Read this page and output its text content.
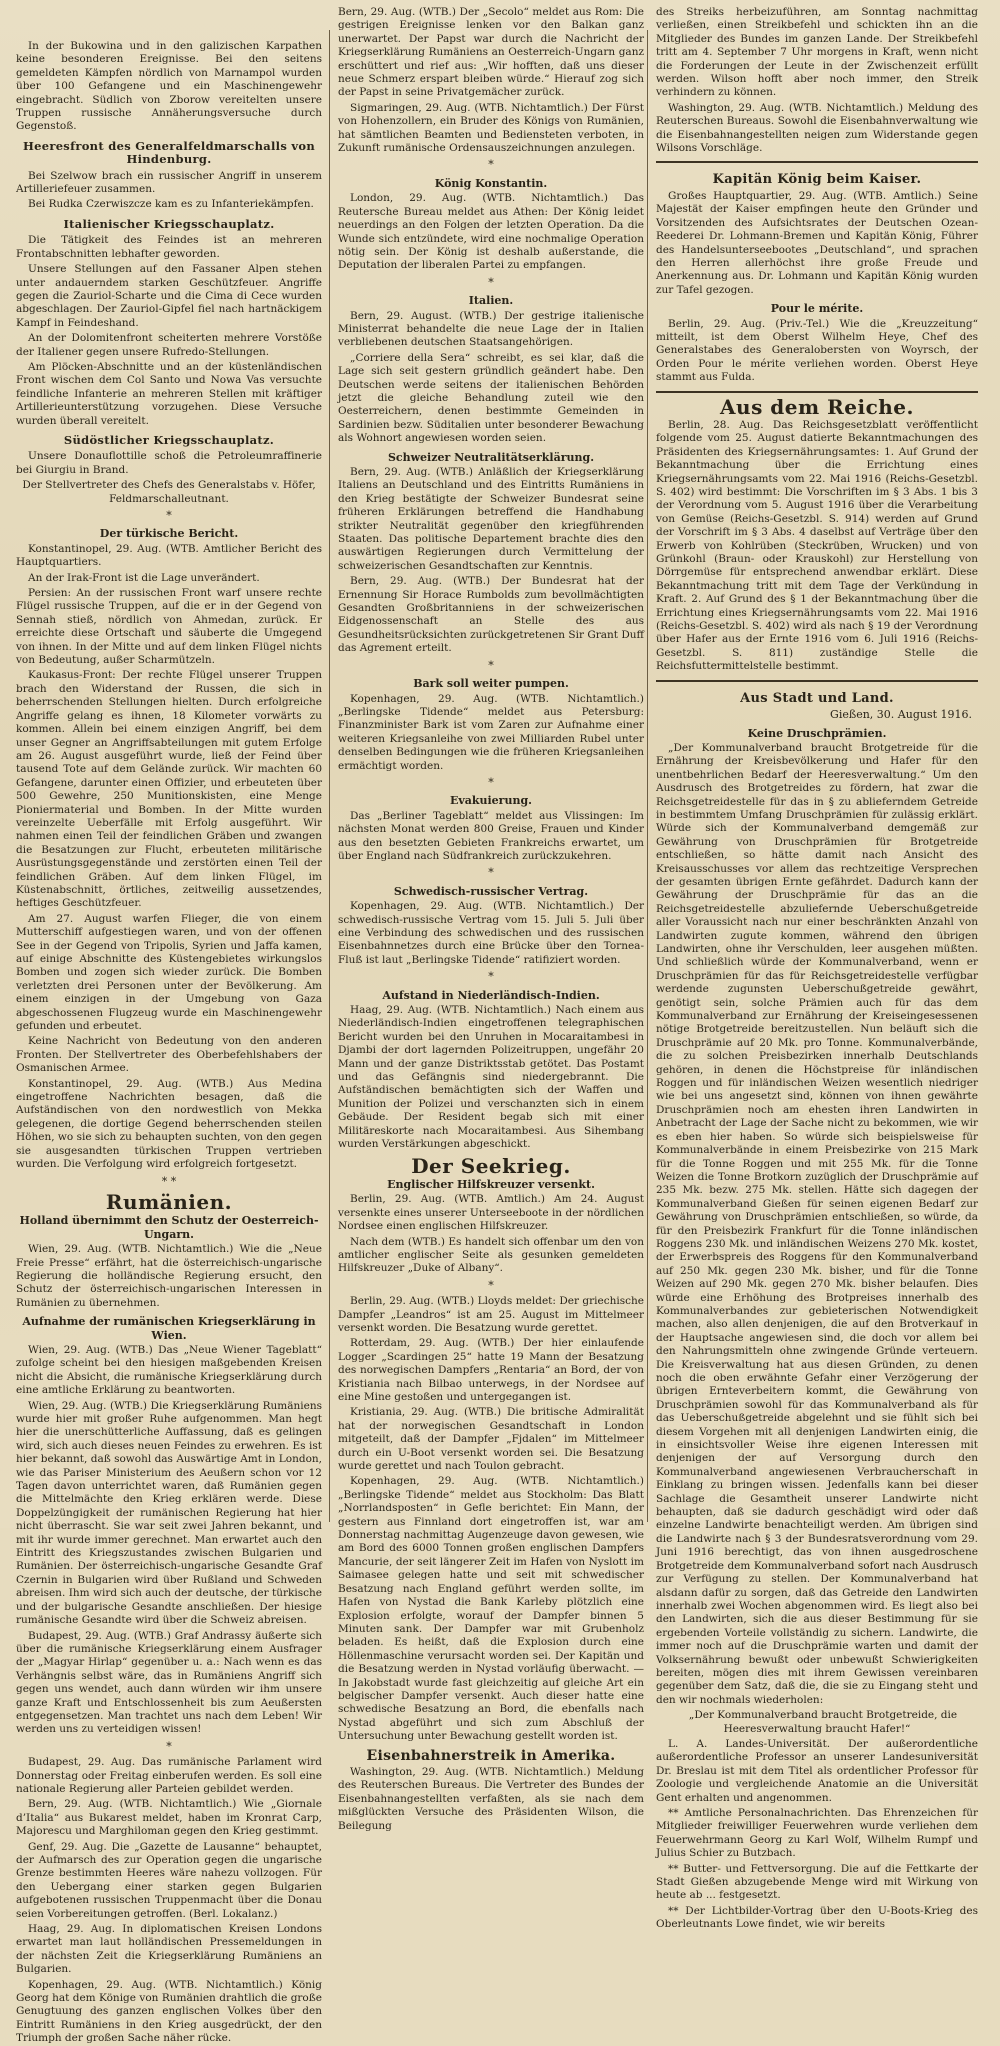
In der Bukowina und in den galizischen Karpathen keine besonderen Ereignisse. Bei den seitens gemeldeten Kämpfen nördlich von Marnampol wurden über 100 Gefangene und ein Maschinengewehr eingebracht. Südlich von Zborow vereitelten unsere Truppen russische Annäherungsversuche durch Gegenstoß.

Heeresfront des Generalfeldmarschalls von Hindenburg.

Bei Szelwow brach ein russischer Angriff in unserem Artilleriefeuer zusammen.

Bei Rudka Czerwiszcze kam es zu Infanteriekämpfen.

Italienischer Kriegsschauplatz.

Die Tätigkeit des Feindes ist an mehreren Frontabschnitten lebhafter geworden.

Unsere Stellungen auf den Fassaner Alpen stehen unter andauerndem starken Geschützfeuer. Angriffe gegen die Zauriol-Scharte und die Cima di Cece wurden abgeschlagen. Der Zauriol-Gipfel fiel nach hartnäckigem Kampf in Feindeshand.

An der Dolomitenfront scheiterten mehrere Vorstöße der Italiener gegen unsere Rufredo-Stellungen.

Am Plöcken-Abschnitte und an der küstenländischen Front wischen dem Col Santo und Nowa Vas versuchte feindliche Infanterie an mehreren Stellen mit kräftiger Artillerieunterstützung vorzugehen. Diese Versuche wurden überall vereitelt.

Südöstlicher Kriegsschauplatz.

Unsere Donauflottille schoß die Petroleumraffinerie bei Giurgiu in Brand.

Der Stellvertreter des Chefs des Generalstabs v. Höfer, Feldmarschalleutnant.

*
Der türkische Bericht.

Konstantinopel, 29. Aug. (WTB. Amtlicher Bericht des Hauptquartiers.

An der Irak-Front ist die Lage unverändert.

Persien: An der russischen Front warf unsere rechte Flügel russische Truppen, auf die er in der Gegend von Sennah stieß, nördlich von Ahmedan, zurück. Er erreichte diese Ortschaft und säuberte die Umgegend von ihnen. In der Mitte und auf dem linken Flügel nichts von Bedeutung, außer Scharmützeln.

Kaukasus-Front: Der rechte Flügel unserer Truppen brach den Widerstand der Russen, die sich in beherrschenden Stellungen hielten. Durch erfolgreiche Angriffe gelang es ihnen, 18 Kilometer vorwärts zu kommen. Allein bei einem einzigen Angriff, bei dem unser Gegner an Angriffsabteilungen mit gutem Erfolge am 26. August ausgeführt wurde, ließ der Feind über tausend Tote auf dem Gelände zurück. Wir machten 60 Gefangene, darunter einen Offizier, und erbeuteten über 500 Gewehre, 250 Munitionskisten, eine Menge Pioniermaterial und Bomben. In der Mitte wurden vereinzelte Ueberfälle mit Erfolg ausgeführt. Wir nahmen einen Teil der feindlichen Gräben und zwangen die Besatzungen zur Flucht, erbeuteten militärische Ausrüstungsgegenstände und zerstörten einen Teil der feindlichen Gräben. Auf dem linken Flügel, im Küstenabschnitt, örtliches, zeitweilig aussetzendes, heftiges Geschützfeuer.

Am 27. August warfen Flieger, die von einem Mutterschiff aufgestiegen waren, und von der offenen See in der Gegend von Tripolis, Syrien und Jaffa kamen, auf einige Abschnitte des Küstengebietes wirkungslos Bomben und zogen sich wieder zurück. Die Bomben verletzten drei Personen unter der Bevölkerung. Am einem einzigen in der Umgebung von Gaza abgeschossenen Flugzeug wurde ein Maschinengewehr gefunden und erbeutet.

Keine Nachricht von Bedeutung von den anderen Fronten. Der Stellvertreter des Oberbefehlshabers der Osmanischen Armee.

Konstantinopel, 29. Aug. (WTB.) Aus Medina eingetroffene Nachrichten besagen, daß die Aufständischen von den nordwestlich von Mekka gelegenen, die dortige Gegend beherrschenden steilen Höhen, wo sie sich zu behaupten suchten, von den gegen sie ausgesandten türkischen Truppen vertrieben wurden. Die Verfolgung wird erfolgreich fortgesetzt.

* *
Rumänien.
Holland übernimmt den Schutz der Oesterreich-Ungarn.

Wien, 29. Aug. (WTB. Nichtamtlich.) Wie die „Neue Freie Presse“ erfährt, hat die österreichisch-ungarische Regierung die holländische Regierung ersucht, den Schutz der österreichisch-ungarischen Interessen in Rumänien zu übernehmen.

Aufnahme der rumänischen Kriegserklärung in Wien.

Wien, 29. Aug. (WTB.) Das „Neue Wiener Tageblatt“ zufolge scheint bei den hiesigen maßgebenden Kreisen nicht die Absicht, die rumänische Kriegserklärung durch eine amtliche Erklärung zu beantworten.

Wien, 29. Aug. (WTB.) Die Kriegserklärung Rumäniens wurde hier mit großer Ruhe aufgenommen. Man hegt hier die unerschütterliche Auffassung, daß es gelingen wird, sich auch dieses neuen Feindes zu erwehren. Es ist hier bekannt, daß sowohl das Auswärtige Amt in London, wie das Pariser Ministerium des Aeußern schon vor 12 Tagen davon unterrichtet waren, daß Rumänien gegen die Mittelmächte den Krieg erklären werde. Diese Doppelzüngigkeit der rumänischen Regierung hat hier nicht überrascht. Sie war seit zwei Jahren bekannt, und mit ihr wurde immer gerechnet. Man erwartet auch den Eintritt des Kriegszustandes zwischen Bulgarien und Rumänien. Der österreichisch-ungarische Gesandte Graf Czernin in Bulgarien wird über Rußland und Schweden abreisen. Ihm wird sich auch der deutsche, der türkische und der bulgarische Gesandte anschließen. Der hiesige rumänische Gesandte wird über die Schweiz abreisen.

Budapest, 29. Aug. (WTB.) Graf Andrassy äußerte sich über die rumänische Kriegserklärung einem Ausfrager der „Magyar Hirlap“ gegenüber u. a.: Nach wenn es das Verhängnis selbst wäre, das in Rumäniens Angriff sich gegen uns wendet, auch dann würden wir ihm unsere ganze Kraft und Entschlossenheit bis zum Aeußersten entgegensetzen. Man trachtet uns nach dem Leben! Wir werden uns zu verteidigen wissen!

*

Budapest, 29. Aug. Das rumänische Parlament wird Donnerstag oder Freitag einberufen werden. Es soll eine nationale Regierung aller Parteien gebildet werden.

Bern, 29. Aug. (WTB. Nichtamtlich.) Wie „Giornale d’Italia“ aus Bukarest meldet, haben im Kronrat Carp, Majorescu und Marghiloman gegen den Krieg gestimmt.

Genf, 29. Aug. Die „Gazette de Lausanne“ behauptet, der Aufmarsch des zur Operation gegen die ungarische Grenze bestimmten Heeres wäre nahezu vollzogen. Für den Uebergang einer starken gegen Bulgarien aufgebotenen russischen Truppenmacht über die Donau seien Vorbereitungen getroffen. (Berl. Lokalanz.)

Haag, 29. Aug. In diplomatischen Kreisen Londons erwartet man laut holländischen Pressemeldungen in der nächsten Zeit die Kriegserklärung Rumäniens an Bulgarien.

Kopenhagen, 29. Aug. (WTB. Nichtamtlich.) König Georg hat dem Könige von Rumänien drahtlich die große Genugtuung des ganzen englischen Volkes über den Eintritt Rumäniens in den Krieg ausgedrückt, der den Triumph der großen Sache näher rücke.

Bern, 29. Aug. (WTB.) Der „Secolo“ meldet aus Rom: Die gestrigen Ereignisse lenken vor den Balkan ganz unerwartet. Der Papst war durch die Nachricht der Kriegserklärung Rumäniens an Oesterreich-Ungarn ganz erschüttert und rief aus: „Wir hofften, daß uns dieser neue Schmerz erspart bleiben würde.“ Hierauf zog sich der Papst in seine Privatgemächer zurück.

Sigmaringen, 29. Aug. (WTB. Nichtamtlich.) Der Fürst von Hohenzollern, ein Bruder des Königs von Rumänien, hat sämtlichen Beamten und Bediensteten verboten, in Zukunft rumänische Ordensauszeichnungen anzulegen.

*
König Konstantin.

London, 29. Aug. (WTB. Nichtamtlich.) Das Reutersche Bureau meldet aus Athen: Der König leidet neuerdings an den Folgen der letzten Operation. Da die Wunde sich entzündete, wird eine nochmalige Operation nötig sein. Der König ist deshalb außerstande, die Deputation der liberalen Partei zu empfangen.

*
Italien.

Bern, 29. August. (WTB.) Der gestrige italienische Ministerrat behandelte die neue Lage der in Italien verbliebenen deutschen Staatsangehörigen.

„Corriere della Sera“ schreibt, es sei klar, daß die Lage sich seit gestern gründlich geändert habe. Den Deutschen werde seitens der italienischen Behörden jetzt die gleiche Behandlung zuteil wie den Oesterreichern, denen bestimmte Gemeinden in Sardinien bezw. Süditalien unter besonderer Bewachung als Wohnort angewiesen worden seien.

Schweizer Neutralitätserklärung.

Bern, 29. Aug. (WTB.) Anläßlich der Kriegserklärung Italiens an Deutschland und des Eintritts Rumäniens in den Krieg bestätigte der Schweizer Bundesrat seine früheren Erklärungen betreffend die Handhabung strikter Neutralität gegenüber den kriegführenden Staaten. Das politische Departement brachte dies den auswärtigen Regierungen durch Vermittelung der schweizerischen Gesandtschaften zur Kenntnis.

Bern, 29. Aug. (WTB.) Der Bundesrat hat der Ernennung Sir Horace Rumbolds zum bevollmächtigten Gesandten Großbritanniens in der schweizerischen Eidgenossenschaft an Stelle des aus Gesundheitsrücksichten zurückgetretenen Sir Grant Duff das Agrement erteilt.

*
Bark soll weiter pumpen.

Kopenhagen, 29. Aug. (WTB. Nichtamtlich.) „Berlingske Tidende“ meldet aus Petersburg: Finanzminister Bark ist vom Zaren zur Aufnahme einer weiteren Kriegsanleihe von zwei Milliarden Rubel unter denselben Bedingungen wie die früheren Kriegsanleihen ermächtigt worden.

*
Evakuierung.

Das „Berliner Tageblatt“ meldet aus Vlissingen: Im nächsten Monat werden 800 Greise, Frauen und Kinder aus den besetzten Gebieten Frankreichs erwartet, um über England nach Südfrankreich zurückzukehren.

*
Schwedisch-russischer Vertrag.

Kopenhagen, 29. Aug. (WTB. Nichtamtlich.) Der schwedisch-russische Vertrag vom 15. Juli 5. Juli über eine Verbindung des schwedischen und des russischen Eisenbahnnetzes durch eine Brücke über den Tornea-Fluß ist laut „Berlingske Tidende“ ratifiziert worden.

*
Aufstand in Niederländisch-Indien.

Haag, 29. Aug. (WTB. Nichtamtlich.) Nach einem aus Niederländisch-Indien eingetroffenen telegraphischen Bericht wurden bei den Unruhen in Mocaraitambesi in Djambi der dort lagernden Polizeitruppen, ungefähr 20 Mann und der ganze Distriktsstab getötet. Das Postamt und das Gefängnis sind niedergebrannt. Die Aufständischen bemächtigten sich der Waffen und Munition der Polizei und verschanzten sich in einem Gebäude. Der Resident begab sich mit einer Militäreskorte nach Mocaraitambesi. Aus Sihembang wurden Verstärkungen abgeschickt.

Der Seekrieg.
Englischer Hilfskreuzer versenkt.

Berlin, 29. Aug. (WTB. Amtlich.) Am 24. August versenkte eines unserer Unterseeboote in der nördlichen Nordsee einen englischen Hilfskreuzer.

Nach dem (WTB.) Es handelt sich offenbar um den von amtlicher englischer Seite als gesunken gemeldeten Hilfskreuzer „Duke of Albany“.

*

Berlin, 29. Aug. (WTB.) Lloyds meldet: Der griechische Dampfer „Leandros“ ist am 25. August im Mittelmeer versenkt worden. Die Besatzung wurde gerettet.

Rotterdam, 29. Aug. (WTB.) Der hier einlaufende Logger „Scardingen 25“ hatte 19 Mann der Besatzung des norwegischen Dampfers „Rentaria“ an Bord, der von Kristiania nach Bilbao unterwegs, in der Nordsee auf eine Mine gestoßen und untergegangen ist.

Kristiania, 29. Aug. (WTB.) Die britische Admiralität hat der norwegischen Gesandtschaft in London mitgeteilt, daß der Dampfer „Fjdalen“ im Mittelmeer durch ein U-Boot versenkt worden sei. Die Besatzung wurde gerettet und nach Toulon gebracht.

Kopenhagen, 29. Aug. (WTB. Nichtamtlich.) „Berlingske Tidende“ meldet aus Stockholm: Das Blatt „Norrlandsposten“ in Gefle berichtet: Ein Mann, der gestern aus Finnland dort eingetroffen ist, war am Donnerstag nachmittag Augenzeuge davon gewesen, wie am Bord des 6000 Tonnen großen englischen Dampfers Mancurie, der seit längerer Zeit im Hafen von Nyslott im Saimasee gelegen hatte und seit mit schwedischer Besatzung nach England geführt werden sollte, im Hafen von Nystad die Bank Karleby plötzlich eine Explosion erfolgte, worauf der Dampfer binnen 5 Minuten sank. Der Dampfer war mit Grubenholz beladen. Es heißt, daß die Explosion durch eine Höllenmaschine verursacht worden sei. Der Kapitän und die Besatzung werden in Nystad vorläufig überwacht. — In Jakobstadt wurde fast gleichzeitig auf gleiche Art ein belgischer Dampfer versenkt. Auch dieser hatte eine schwedische Besatzung an Bord, die ebenfalls nach Nystad abgeführt und sich zum Abschluß der Untersuchung unter Bewachung gestellt worden ist.

Eisenbahnerstreik in Amerika.

Washington, 29. Aug. (WTB. Nichtamtlich.) Meldung des Reuterschen Bureaus. Die Vertreter des Bundes der Eisenbahnangestellten verfaßten, als sie nach dem mißglückten Versuche des Präsidenten Wilson, die Beilegung

des Streiks herbeizuführen, am Sonntag nachmittag verließen, einen Streikbefehl und schickten ihn an die Mitglieder des Bundes im ganzen Lande. Der Streikbefehl tritt am 4. September 7 Uhr morgens in Kraft, wenn nicht die Forderungen der Leute in der Zwischenzeit erfüllt werden. Wilson hofft aber noch immer, den Streik verhindern zu können.

Washington, 29. Aug. (WTB. Nichtamtlich.) Meldung des Reuterschen Bureaus. Sowohl die Eisenbahnverwaltung wie die Eisenbahnangestellten neigen zum Widerstande gegen Wilsons Vorschläge.

Kapitän König beim Kaiser.

Großes Hauptquartier, 29. Aug. (WTB. Amtlich.) Seine Majestät der Kaiser empfingen heute den Gründer und Vorsitzenden des Aufsichtsrates der Deutschen Ozean-Reederei Dr. Lohmann-Bremen und Kapitän König, Führer des Handelsunterseebootes „Deutschland“, und sprachen den Herren allerhöchst ihre große Freude und Anerkennung aus. Dr. Lohmann und Kapitän König wurden zur Tafel gezogen.

Pour le mérite.

Berlin, 29. Aug. (Priv.-Tel.) Wie die „Kreuzzeitung“ mitteilt, ist dem Oberst Wilhelm Heye, Chef des Generalstabes des Generalobersten von Woyrsch, der Orden Pour le mérite verliehen worden. Oberst Heye stammt aus Fulda.

Aus dem Reiche.

Berlin, 28. Aug. Das Reichsgesetzblatt veröffentlicht folgende vom 25. August datierte Bekanntmachungen des Präsidenten des Kriegsernährungsamtes: 1. Auf Grund der Bekanntmachung über die Errichtung eines Kriegsernährungsamts vom 22. Mai 1916 (Reichs-Gesetzbl. S. 402) wird bestimmt: Die Vorschriften im § 3 Abs. 1 bis 3 der Verordnung vom 5. August 1916 über die Verarbeitung von Gemüse (Reichs-Gesetzbl. S. 914) werden auf Grund der Vorschrift im § 3 Abs. 4 daselbst auf Verträge über den Erwerb von Kohlrüben (Steckrüben, Wrucken) und von Grünkohl (Braun- oder Krauskohl) zur Herstellung von Dörrgemüse für entsprechend anwendbar erklärt. Diese Bekanntmachung tritt mit dem Tage der Verkündung in Kraft. 2. Auf Grund des § 1 der Bekanntmachung über die Errichtung eines Kriegsernährungsamts vom 22. Mai 1916 (Reichs-Gesetzbl. S. 402) wird als nach § 19 der Verordnung über Hafer aus der Ernte 1916 vom 6. Juli 1916 (Reichs-Gesetzbl. S. 811) zuständige Stelle die Reichsfuttermittelstelle bestimmt.

Aus Stadt und Land.
Gießen, 30. August 1916.
Keine Druschprämien.

„Der Kommunalverband braucht Brotgetreide für die Ernährung der Kreisbevölkerung und Hafer für den unentbehrlichen Bedarf der Heeresverwaltung.“ Um den Ausdrusch des Brotgetreides zu fördern, hat zwar die Reichsgetreidestelle für das in § zu ablieferndem Getreide in bestimmtem Umfang Druschprämien für zulässig erklärt. Würde sich der Kommunalverband demgemäß zur Gewährung von Druschprämien für Brotgetreide entschließen, so hätte damit nach Ansicht des Kreisausschusses vor allem das rechtzeitige Versprechen der gesamten übrigen Ernte gefährdet. Dadurch kann der Gewährung der Druschprämie für das an die Reichsgetreidestelle abzuliefernde Ueberschußgetreide aller Voraussicht nach nur einer beschränkten Anzahl von Landwirten zugute kommen, während den übrigen Landwirten, ohne ihr Verschulden, leer ausgehen müßten. Und schließlich würde der Kommunalverband, wenn er Druschprämien für das für Reichsgetreidestelle verfügbar werdende zugunsten Ueberschußgetreide gewährt, genötigt sein, solche Prämien auch für das dem Kommunalverband zur Ernährung der Kreiseingesessenen nötige Brotgetreide bereitzustellen. Nun beläuft sich die Druschprämie auf 20 Mk. pro Tonne. Kommunalverbände, die zu solchen Preisbezirken innerhalb Deutschlands gehören, in denen die Höchstpreise für inländischen Roggen und für inländischen Weizen wesentlich niedriger wie bei uns angesetzt sind, können von ihnen gewährte Druschprämien noch am ehesten ihren Landwirten in Anbetracht der Lage der Sache nicht zu bekommen, wie wir es eben hier haben. So würde sich beispielsweise für Kommunalverbände in einem Preisbezirke von 215 Mark für die Tonne Roggen und mit 255 Mk. für die Tonne Weizen die Tonne Brotkorn zuzüglich der Druschprämie auf 235 Mk. bezw. 275 Mk. stellen. Hätte sich dagegen der Kommunalverband Gießen für seinen eigenen Bedarf zur Gewährung von Druschprämien entschließen, so würde, da für den Preisbezirk Frankfurt für die Tonne inländischen Roggens 230 Mk. und inländischen Weizens 270 Mk. kostet, der Erwerbspreis des Roggens für den Kommunalverband auf 250 Mk. gegen 230 Mk. bisher, und für die Tonne Weizen auf 290 Mk. gegen 270 Mk. bisher belaufen. Dies würde eine Erhöhung des Brotpreises innerhalb des Kommunalverbandes zur gebieterischen Notwendigkeit machen, also allen denjenigen, die auf den Brotverkauf in der Hauptsache angewiesen sind, die doch vor allem bei den Nahrungsmitteln ohne zwingende Gründe verteuern. Die Kreisverwaltung hat aus diesen Gründen, zu denen noch die oben erwähnte Gefahr einer Verzögerung der übrigen Ernteverbeitern kommt, die Gewährung von Druschprämien sowohl für das Kommunalverband als für das Ueberschußgetreide abgelehnt und sie fühlt sich bei diesem Vorgehen mit all denjenigen Landwirten einig, die in einsichtsvoller Weise ihre eigenen Interessen mit denjenigen der auf Versorgung durch den Kommunalverband angewiesenen Verbraucherschaft in Einklang zu bringen wissen. Jedenfalls kann bei dieser Sachlage die Gesamtheit unserer Landwirte nicht behaupten, daß sie dadurch geschädigt wird oder daß einzelne Landwirte benachteiligt werden. Am übrigen sind die Landwirte nach § 3 der Bundesratsverordnung vom 29. Juni 1916 berechtigt, das von ihnen ausgedroschene Brotgetreide dem Kommunalverband sofort nach Ausdrusch zur Verfügung zu stellen. Der Kommunalverband hat alsdann dafür zu sorgen, daß das Getreide den Landwirten innerhalb zwei Wochen abgenommen wird. Es liegt also bei den Landwirten, sich die aus dieser Bestimmung für sie ergebenden Vorteile vollständig zu sichern. Landwirte, die immer noch auf die Druschprämie warten und damit der Volksernährung bewußt oder unbewußt Schwierigkeiten bereiten, mögen dies mit ihrem Gewissen vereinbaren gegenüber dem Satz, daß die, die sie zu Eingang steht und den wir nochmals wiederholen:

„Der Kommunalverband braucht Brotgetreide, die Heeresverwaltung braucht Hafer!“

L. A. Landes-Universität. Der außerordentliche außerordentliche Professor an unserer Landesuniversität Dr. Breslau ist mit dem Titel als ordentlicher Professor für Zoologie und vergleichende Anatomie an die Universität Gent erhalten und angenommen.

** Amtliche Personalnachrichten. Das Ehrenzeichen für Mitglieder freiwilliger Feuerwehren wurde verliehen dem Feuerwehrmann Georg zu Karl Wolf, Wilhelm Rumpf und Julius Schier zu Butzbach.

** Butter- und Fettversorgung. Die auf die Fettkarte der Stadt Gießen abzugebende Menge wird mit Wirkung von heute ab ... festgesetzt.

** Der Lichtbilder-Vortrag über den U-Boots-Krieg des Oberleutnants Lowe findet, wie wir bereits
